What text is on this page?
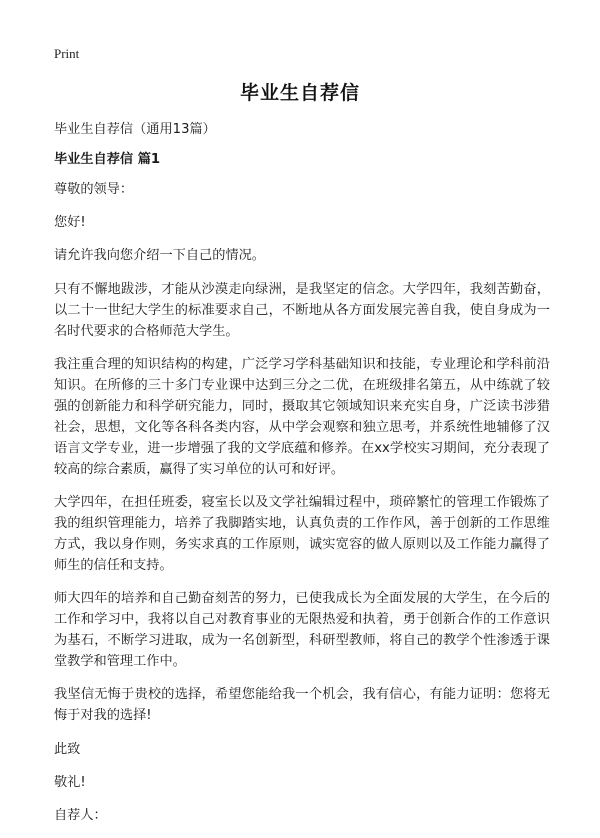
Print
毕业生自荐信

毕业生自荐信（通用13篇）

毕业生自荐信 篇1

尊敬的领导：

您好!

请允许我向您介绍一下自己的情况。

只有不懈地跋涉，才能从沙漠走向绿洲，是我坚定的信念。大学四年，我刻苦勤奋，以二十一世纪大学生的标准要求自己，不断地从各方面发展完善自我，使自身成为一名时代要求的合格师范大学生。

我注重合理的知识结构的构建，广泛学习学科基础知识和技能，专业理论和学科前沿知识。在所修的三十多门专业课中达到三分之二优，在班级排名第五，从中练就了较强的创新能力和科学研究能力，同时，摄取其它领域知识来充实自身，广泛读书涉猎社会，思想，文化等各科各类内容，从中学会观察和独立思考，并系统性地辅修了汉语言文学专业，进一步增强了我的文学底蕴和修养。在xx学校实习期间，充分表现了较高的综合素质，赢得了实习单位的认可和好评。

大学四年，在担任班委，寝室长以及文学社编辑过程中，琐碎繁忙的管理工作锻炼了我的组织管理能力，培养了我脚踏实地，认真负责的工作作风，善于创新的工作思维方式，我以身作则，务实求真的工作原则，诚实宽容的做人原则以及工作能力赢得了师生的信任和支持。

师大四年的培养和自己勤奋刻苦的努力，已使我成长为全面发展的大学生，在今后的工作和学习中，我将以自己对教育事业的无限热爱和执着，勇于创新合作的工作意识为基石，不断学习进取，成为一名创新型，科研型教师，将自己的教学个性渗透于课堂教学和管理工作中。

我坚信无悔于贵校的选择，希望您能给我一个机会，我有信心，有能力证明：您将无悔于对我的选择!

此致

敬礼!

自荐人：
